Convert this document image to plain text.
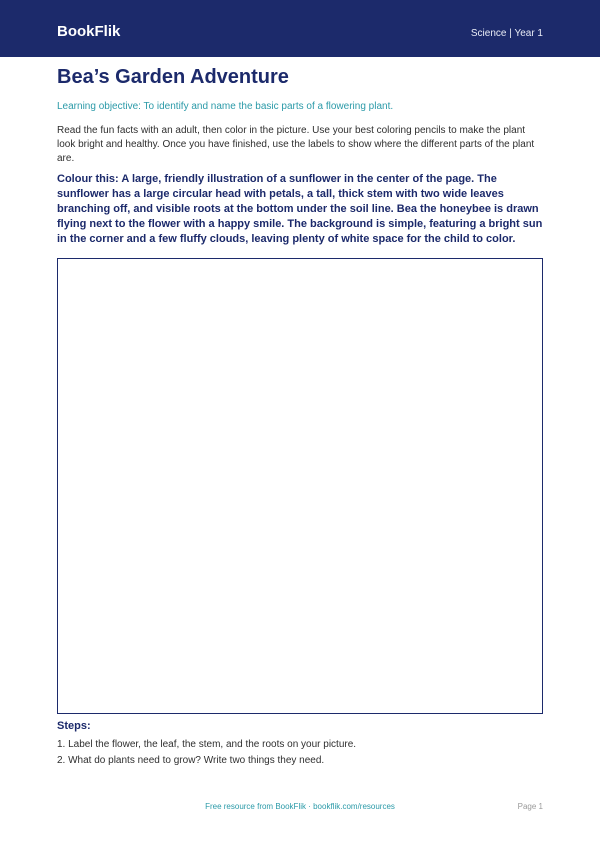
BookFlik	Science | Year 1
Bea’s Garden Adventure
Learning objective: To identify and name the basic parts of a flowering plant.
Read the fun facts with an adult, then color in the picture. Use your best coloring pencils to make the plant look bright and healthy. Once you have finished, use the labels to show where the different parts of the plant are.
Colour this: A large, friendly illustration of a sunflower in the center of the page. The sunflower has a large circular head with petals, a tall, thick stem with two wide leaves branching off, and visible roots at the bottom under the soil line. Bea the honeybee is drawn flying next to the flower with a happy smile. The background is simple, featuring a bright sun in the corner and a few fluffy clouds, leaving plenty of white space for the child to color.
Steps:
1. Label the flower, the leaf, the stem, and the roots on your picture.
2. What do plants need to grow? Write two things they need.
Free resource from BookFlik · bookflik.com/resources	Page 1
